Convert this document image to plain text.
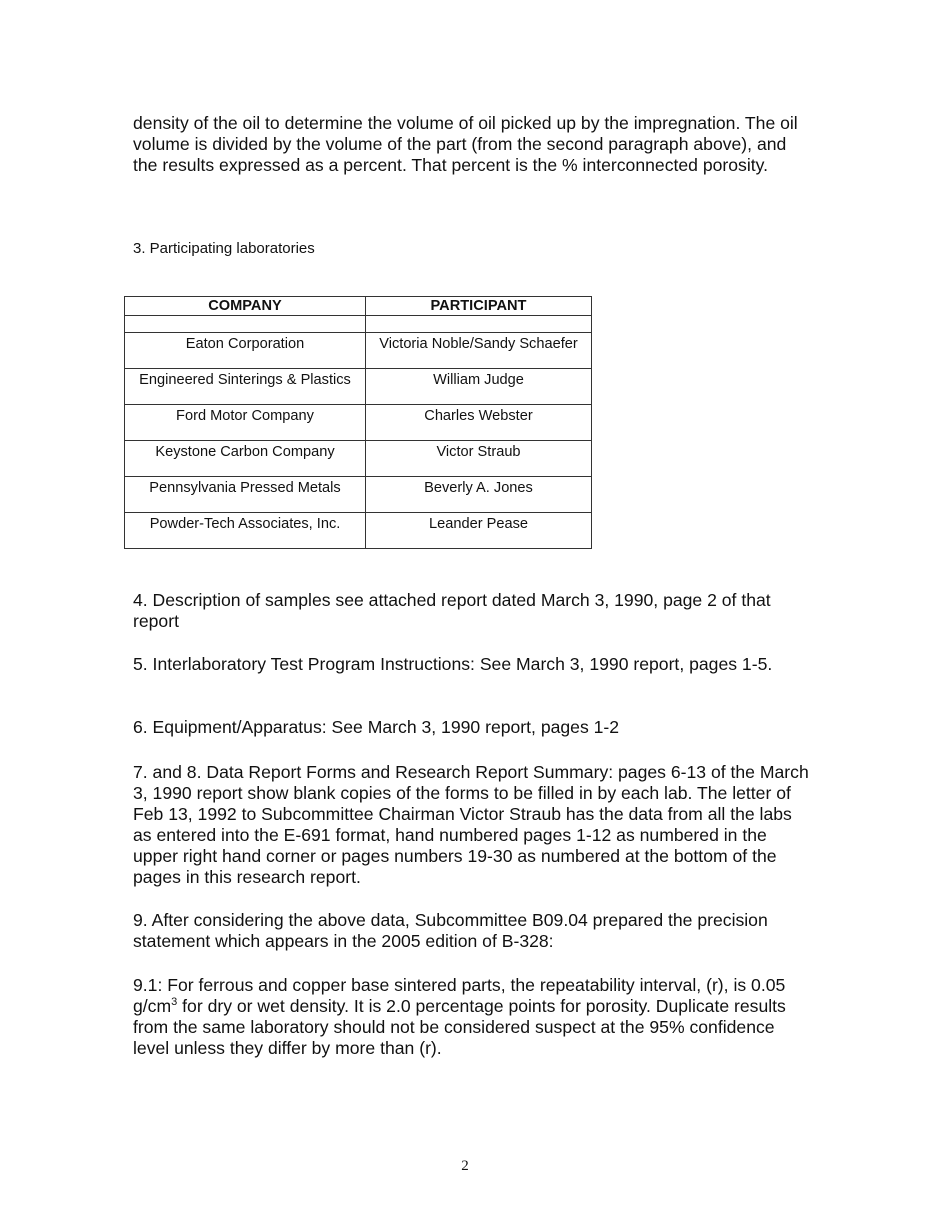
density of the oil to determine the volume of oil picked up by the impregnation. The oil volume is divided by the volume of the part (from the second paragraph above), and the results expressed as a percent. That percent is the % interconnected porosity.

3. Participating laboratories

COMPANY	PARTICIPANT

Eaton Corporation	Victoria Noble/Sandy Schaefer
Engineered Sinterings & Plastics	William Judge
Ford Motor Company	Charles Webster
Keystone Carbon Company	Victor Straub
Pennsylvania Pressed Metals	Beverly A. Jones
Powder-Tech Associates, Inc.	Leander Pease

4. Description of samples see attached report dated March 3, 1990, page 2 of that report

5. Interlaboratory Test Program Instructions: See March 3, 1990 report, pages 1-5.

6. Equipment/Apparatus: See March 3, 1990 report, pages 1-2

7. and 8. Data Report Forms and Research Report Summary: pages 6-13 of the March 3, 1990 report show blank copies of the forms to be filled in by each lab. The letter of Feb 13, 1992 to Subcommittee Chairman Victor Straub has the data from all the labs as entered into the E-691 format, hand numbered pages 1-12 as numbered in the upper right hand corner or pages numbers 19-30 as numbered at the bottom of the pages in this research report.

9. After considering the above data, Subcommittee B09.04 prepared the precision statement which appears in the 2005 edition of B-328:

9.1: For ferrous and copper base sintered parts, the repeatability interval, (r), is 0.05 $g/cm^3$ for dry or wet density. It is 2.0 percentage points for porosity. Duplicate results from the same laboratory should not be considered suspect at the 95% confidence level unless they differ by more than (r).

2
